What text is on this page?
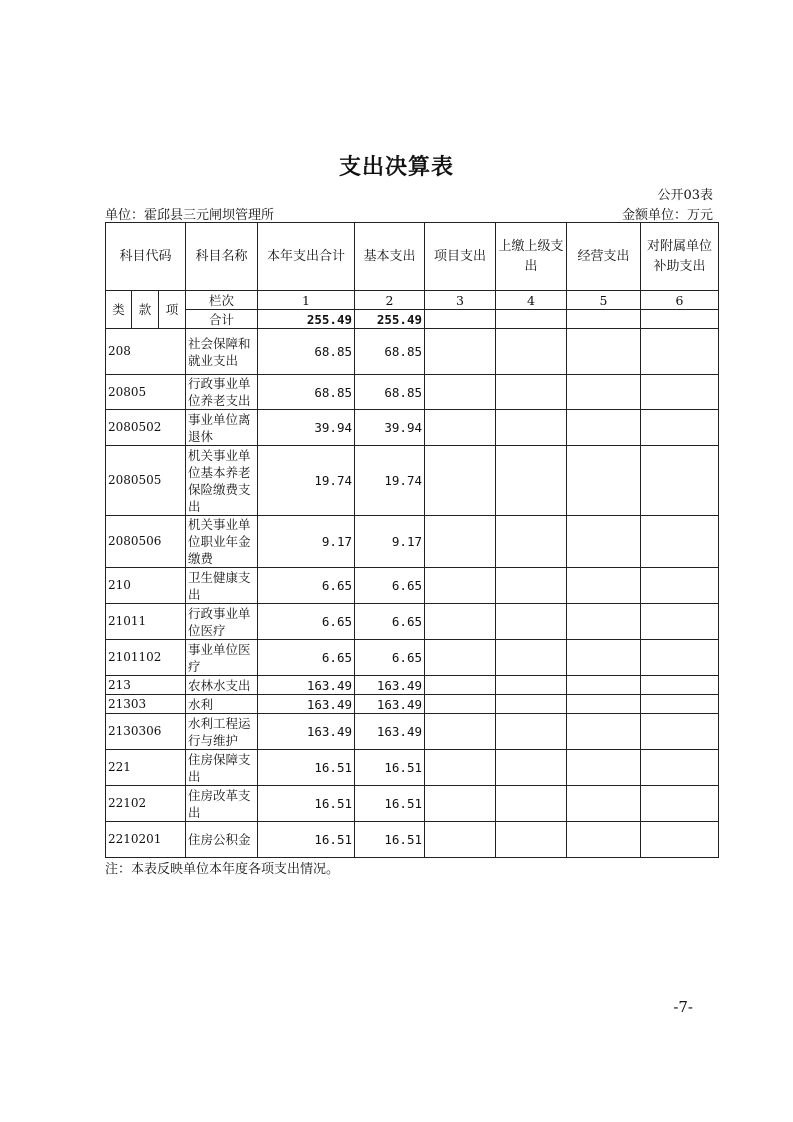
支出决算表
公开03表
单位：霍邱县三元闸坝管理所	金额单位：万元
科目代码			科目名称	本年支出合计	基本支出	项目支出	上缴上级支出	经营支出	对附属单位补助支出
类	款	项	栏次	1	2	3	4	5	6
			合计	255.49	255.49				
208			社会保障和就业支出	68.85	68.85				
20805			行政事业单位养老支出	68.85	68.85				
2080502			事业单位离退休	39.94	39.94				
2080505			机关事业单位基本养老保险缴费支出	19.74	19.74				
2080506			机关事业单位职业年金缴费	9.17	9.17				
210			卫生健康支出	6.65	6.65				
21011			行政事业单位医疗	6.65	6.65				
2101102			事业单位医疗	6.65	6.65				
213			农林水支出	163.49	163.49				
21303			水利	163.49	163.49				
2130306			水利工程运行与维护	163.49	163.49				
221			住房保障支出	16.51	16.51				
22102			住房改革支出	16.51	16.51				
2210201			住房公积金	16.51	16.51				
注：本表反映单位本年度各项支出情况。
-7-
